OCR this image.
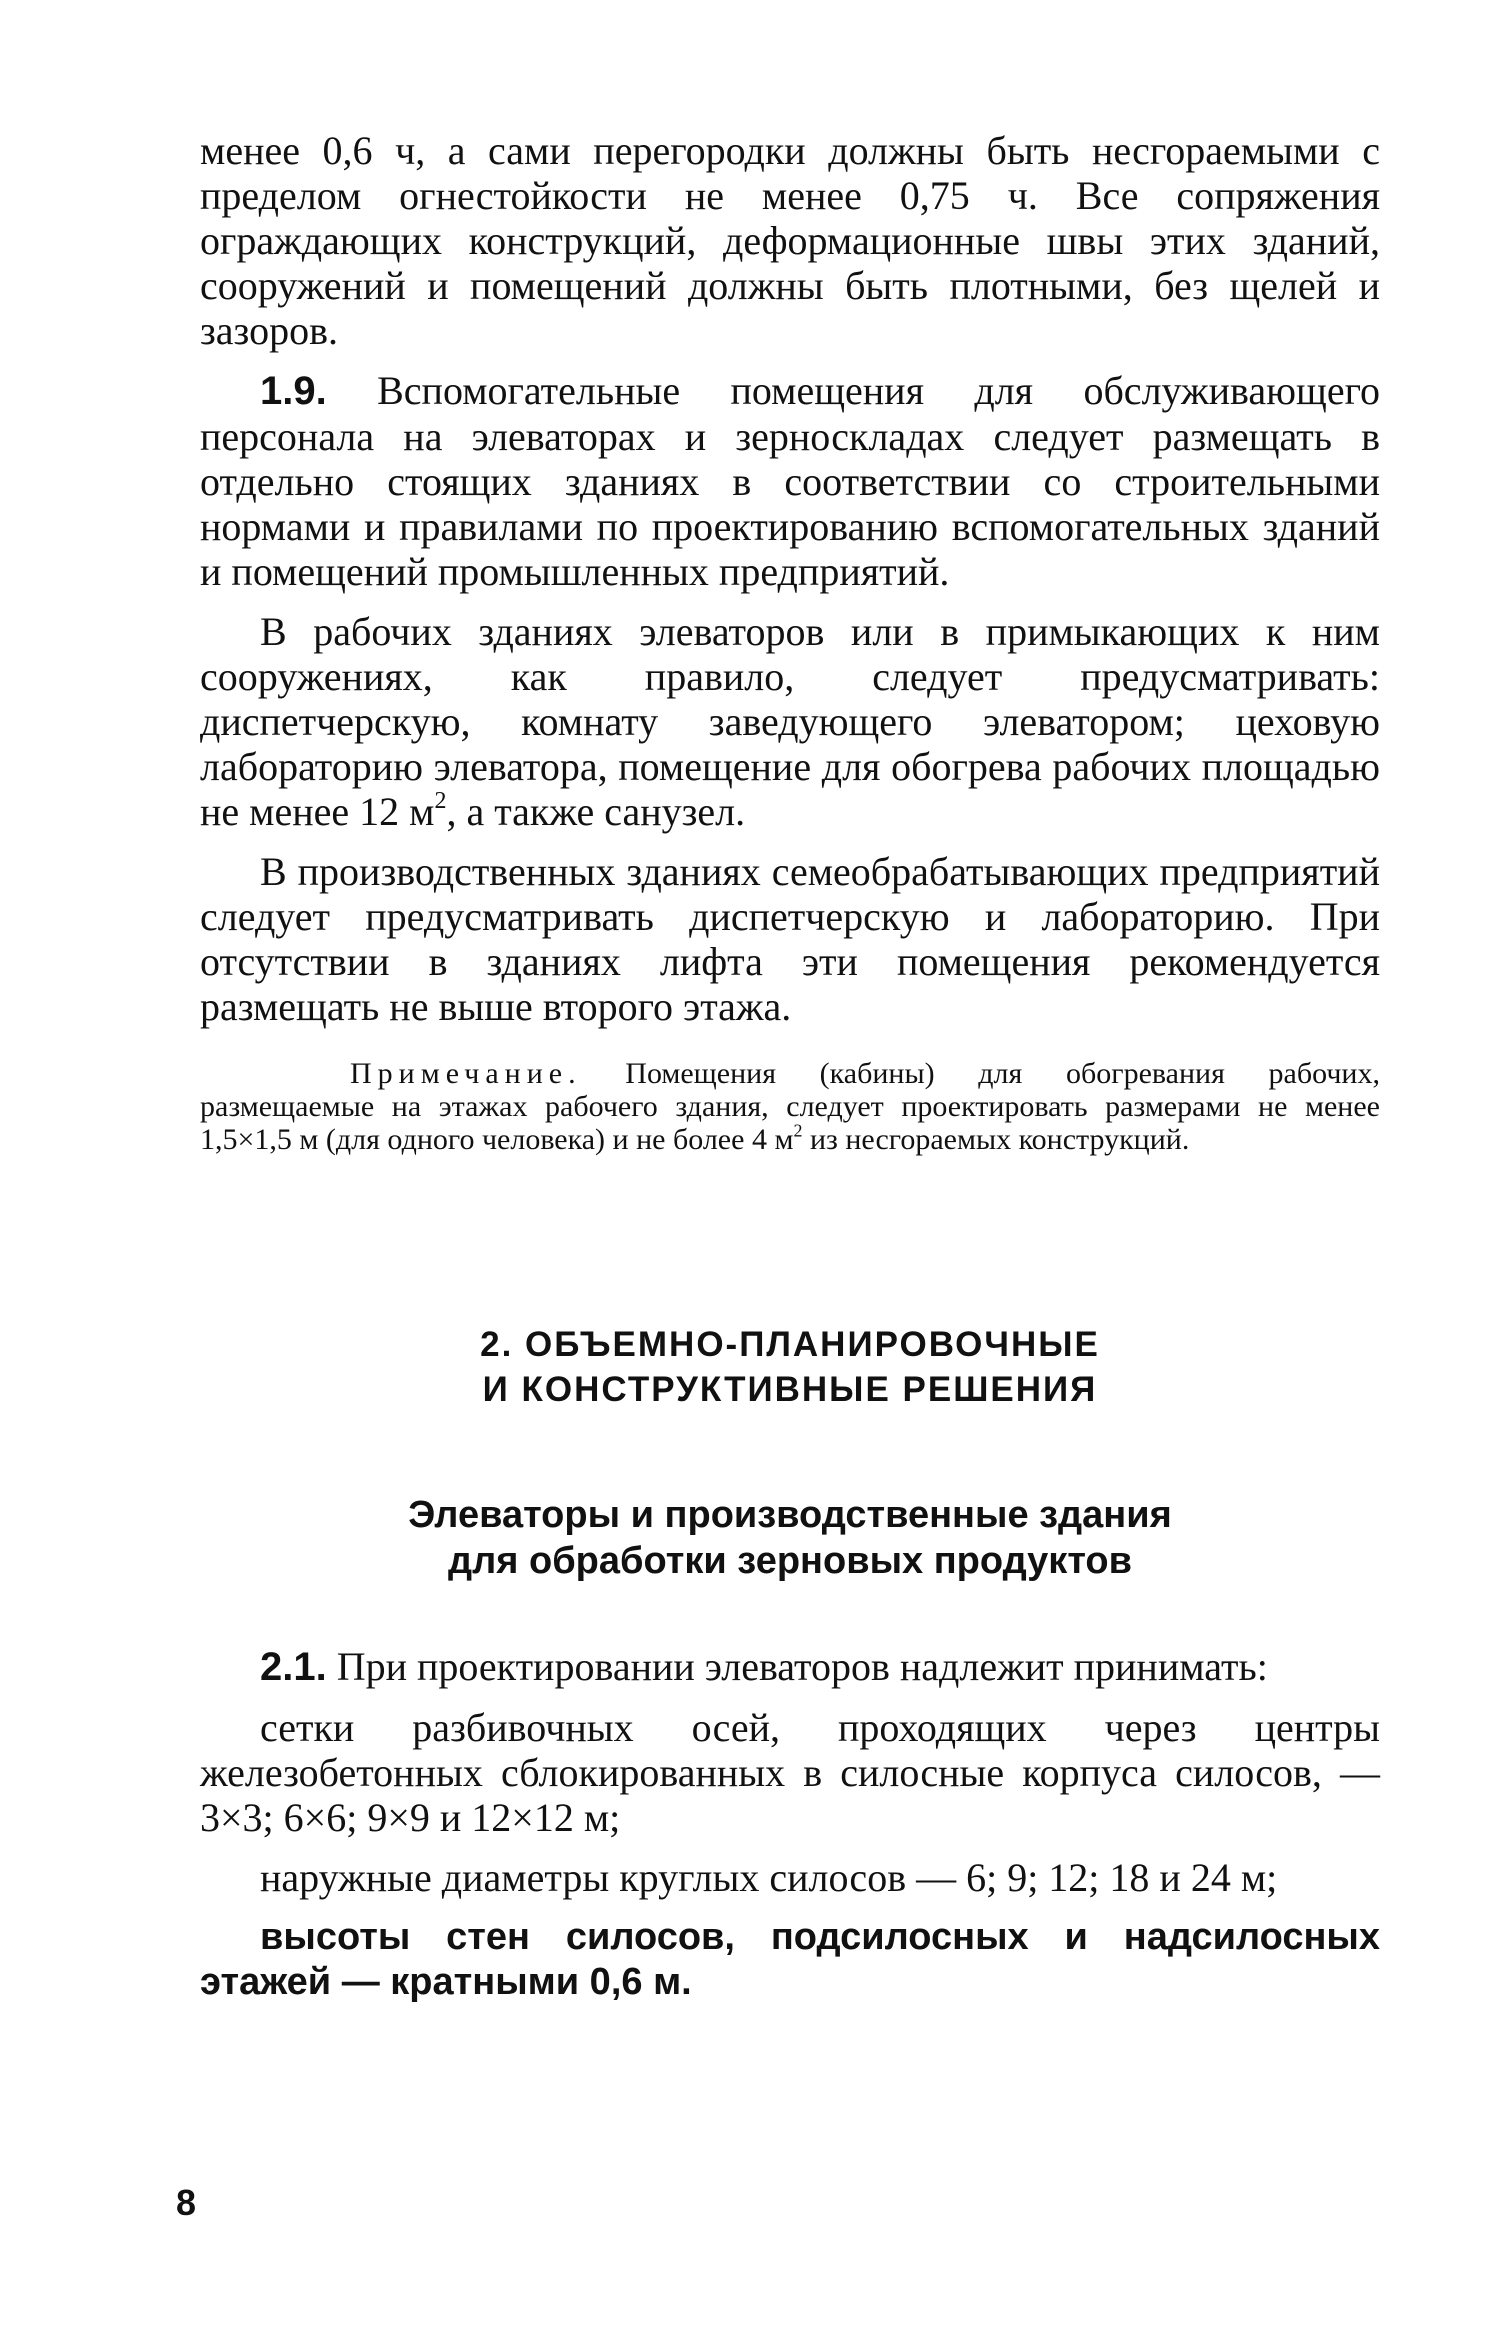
менее 0,6 ч, а сами перегородки должны быть несгораемыми с пределом огнестойкости не менее 0,75 ч. Все сопряжения ограждающих конструкций, деформационные швы этих зданий, сооружений и помещений должны быть плотными, без щелей и зазоров.

1.9. Вспомогательные помещения для обслуживающего персонала на элеваторах и зерноскладах следует размещать в отдельно стоящих зданиях в соответствии со строительными нормами и правилами по проектированию вспомогательных зданий и помещений промышленных предприятий.

В рабочих зданиях элеваторов или в примыкающих к ним сооружениях, как правило, следует предусматривать: диспетчерскую, комнату заведующего элеватором; цеховую лабораторию элеватора, помещение для обогрева рабочих площадью не менее 12 $м^2$, а также санузел.

В производственных зданиях семеобрабатывающих предприятий следует предусматривать диспетчерскую и лабораторию. При отсутствии в зданиях лифта эти помещения рекомендуется размещать не выше второго этажа.

Примечание. Помещения (кабины) для обогревания рабочих, размещаемые на этажах рабочего здания, следует проектировать размерами не менее 1,5×1,5 м (для одного человека) и не более 4 $м^2$ из несгораемых конструкций.

2. ОБЪЕМНО-ПЛАНИРОВОЧНЫЕ
И КОНСТРУКТИВНЫЕ РЕШЕНИЯ
Элеваторы и производственные здания
для обработки зерновых продуктов

2.1. При проектировании элеваторов надлежит принимать:

сетки разбивочных осей, проходящих через центры железобетонных сблокированных в силосные корпуса силосов, — 3×3; 6×6; 9×9 и 12×12 м;

наружные диаметры круглых силосов — 6; 9; 12; 18 и 24 м;

высоты стен силосов, подсилосных и надсилосных этажей — кратными 0,6 м.

8
